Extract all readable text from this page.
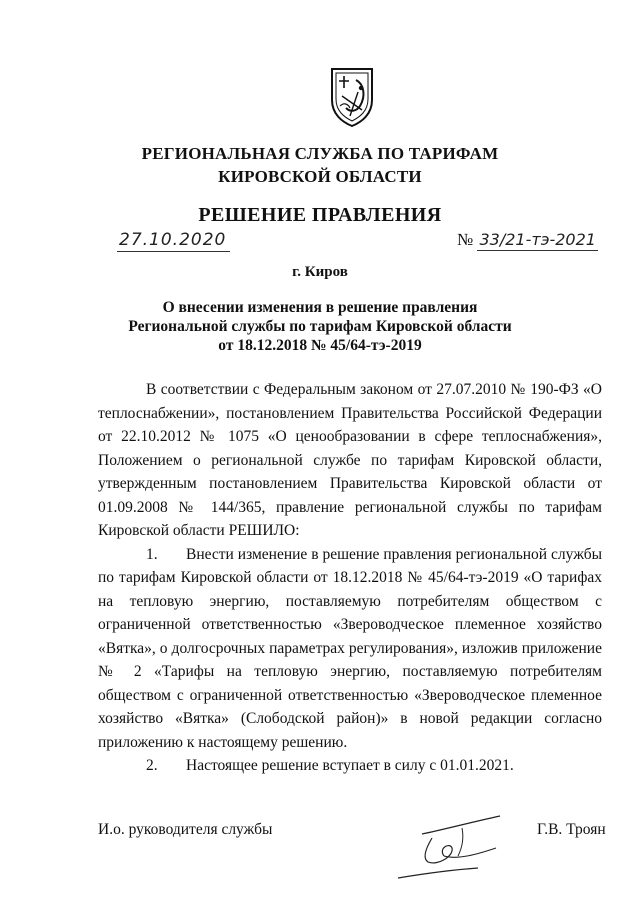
РЕГИОНАЛЬНАЯ СЛУЖБА ПО ТАРИФАМ
КИРОВСКОЙ ОБЛАСТИ
РЕШЕНИЕ ПРАВЛЕНИЯ
27.10.2020	№ 33/21-тэ-2021
г. Киров
О внесении изменения в решение правления
Региональной службы по тарифам Кировской области
от 18.12.2018 № 45/64-тэ-2019

В соответствии с Федеральным законом от 27.07.2010 № 190-ФЗ «О теплоснабжении», постановлением Правительства Российской Федерации от 22.10.2012 № 1075 «О ценообразовании в сфере теплоснабжения», Положением о региональной службе по тарифам Кировской области, утвержденным постановлением Правительства Кировской области от 01.09.2008 № 144/365, правление региональной службы по тарифам Кировской области РЕШИЛО:

1. Внести изменение в решение правления региональной службы по тарифам Кировской области от 18.12.2018 № 45/64-тэ-2019 «О тарифах на тепловую энергию, поставляемую потребителям обществом с ограниченной ответственностью «Звероводческое племенное хозяйство «Вятка», о долгосрочных параметрах регулирования», изложив приложение № 2 «Тарифы на тепловую энергию, поставляемую потребителям обществом с ограниченной ответственностью «Звероводческое племенное хозяйство «Вятка» (Слободской район)» в новой редакции согласно приложению к настоящему решению.

2. Настоящее решение вступает в силу с 01.01.2021.

И.о. руководителя службы	Г.В. Троян
